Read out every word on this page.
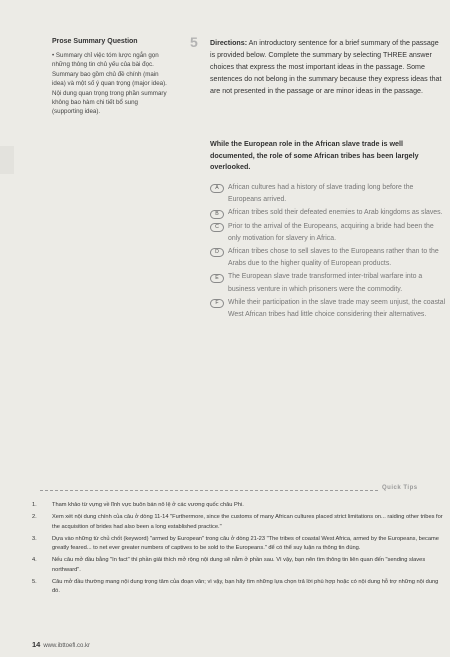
Prose Summary Question
• Summary chỉ việc tóm lược ngắn gọn những thông tin chủ yếu của bài đọc. Summary bao gồm chủ đề chính (main idea) và một số ý quan trọng (major idea). Nội dung quan trọng trong phần summary không bao hàm chi tiết bổ sung (supporting idea).
5 Directions: An introductory sentence for a brief summary of the passage is provided below. Complete the summary by selecting THREE answer choices that express the most important ideas in the passage. Some sentences do not belong in the summary because they express ideas that are not presented in the passage or are minor ideas in the passage.
While the European role in the African slave trade is well documented, the role of some African tribes has been largely overlooked.
A	African cultures had a history of slave trading long before the Europeans arrived.
B	African tribes sold their defeated enemies to Arab kingdoms as slaves.
C	Prior to the arrival of the Europeans, acquiring a bride had been the only motivation for slavery in Africa.
D	African tribes chose to sell slaves to the Europeans rather than to the Arabs due to the higher quality of European products.
E	The European slave trade transformed inter-tribal warfare into a business venture in which prisoners were the commodity.
F	While their participation in the slave trade may seem unjust, the coastal West African tribes had little choice considering their alternatives.
Quick Tips
1.	Tham khảo từ vựng về lĩnh vực buôn bán nô lệ ở các vương quốc châu Phi.
2.	Xem xét nội dung chính của câu ở dòng 11-14 "Furthermore, since the customs of many African cultures placed strict limitations on... raiding other tribes for the acquisition of brides had also been a long established practice."
3.	Dựa vào những từ chủ chốt (keyword) "armed by European" trong câu ở dòng 21-23 "The tribes of coastal West Africa, armed by the Europeans, became greatly feared... to net ever greater numbers of captives to be sold to the Europeans." để có thể suy luận ra thông tin đúng.
4.	Nếu câu mở đầu bằng "In fact" thì phần giải thích mở rộng nội dung sẽ nằm ở phần sau. Vì vậy, bạn nên tìm thông tin liên quan đến "sending slaves northward".
5.	Câu mở đầu thường mang nội dung trọng tâm của đoạn văn; vì vậy, bạn hãy tìm những lựa chọn trả lời phù hợp hoặc có nội dung hỗ trợ những nội dung đó.
14 www.ibttoefl.co.kr
